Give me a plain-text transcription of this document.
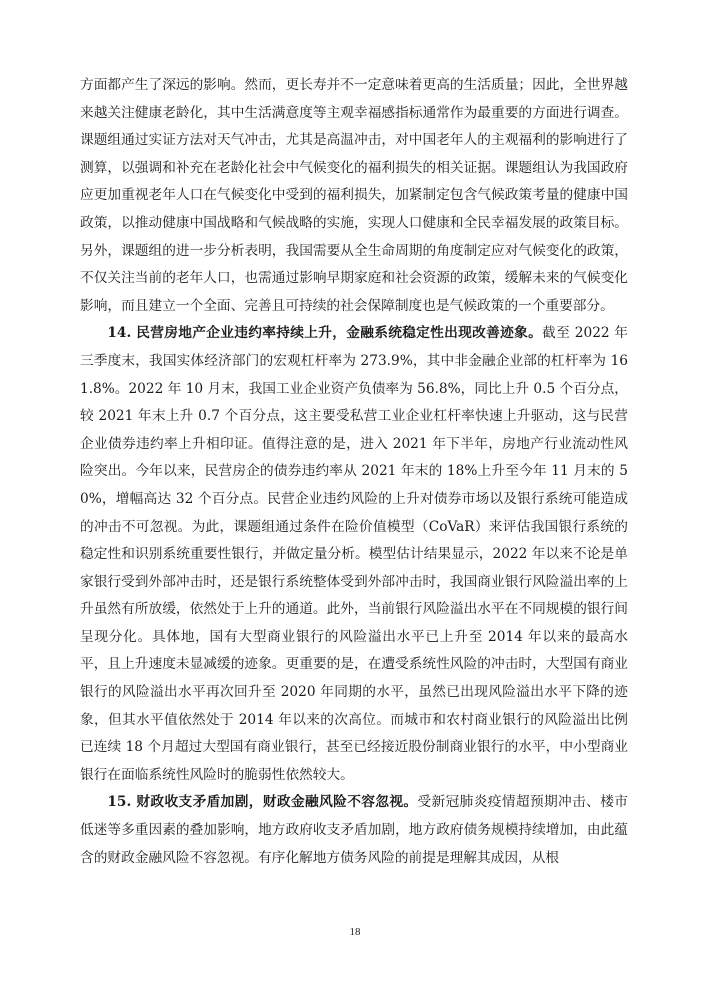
方面都产生了深远的影响。然而，更长寿并不一定意味着更高的生活质量；因此，全世界越来越关注健康老龄化，其中生活满意度等主观幸福感指标通常作为最重要的方面进行调查。课题组通过实证方法对天气冲击，尤其是高温冲击，对中国老年人的主观福利的影响进行了测算，以强调和补充在老龄化社会中气候变化的福利损失的相关证据。课题组认为我国政府应更加重视老年人口在气候变化中受到的福利损失，加紧制定包含气候政策考量的健康中国政策，以推动健康中国战略和气候战略的实施，实现人口健康和全民幸福发展的政策目标。另外，课题组的进一步分析表明，我国需要从全生命周期的角度制定应对气候变化的政策，不仅关注当前的老年人口，也需通过影响早期家庭和社会资源的政策，缓解未来的气候变化影响，而且建立一个全面、完善且可持续的社会保障制度也是气候政策的一个重要部分。

14. 民营房地产企业违约率持续上升，金融系统稳定性出现改善迹象。截至 2022 年三季度末，我国实体经济部门的宏观杠杆率为 273.9%，其中非金融企业部的杠杆率为 161.8%。2022 年 10 月末，我国工业企业资产负债率为 56.8%，同比上升 0.5 个百分点，较 2021 年末上升 0.7 个百分点，这主要受私营工业企业杠杆率快速上升驱动，这与民营企业债券违约率上升相印证。值得注意的是，进入 2021 年下半年，房地产行业流动性风险突出。今年以来，民营房企的债券违约率从 2021 年末的 18%上升至今年 11 月末的 50%，增幅高达 32 个百分点。民营企业违约风险的上升对债券市场以及银行系统可能造成的冲击不可忽视。为此，课题组通过条件在险价值模型（CoVaR）来评估我国银行系统的稳定性和识别系统重要性银行，并做定量分析。模型估计结果显示，2022 年以来不论是单家银行受到外部冲击时，还是银行系统整体受到外部冲击时，我国商业银行风险溢出率的上升虽然有所放缓，依然处于上升的通道。此外，当前银行风险溢出水平在不同规模的银行间呈现分化。具体地，国有大型商业银行的风险溢出水平已上升至 2014 年以来的最高水平，且上升速度未显减缓的迹象。更重要的是，在遭受系统性风险的冲击时，大型国有商业银行的风险溢出水平再次回升至 2020 年同期的水平，虽然已出现风险溢出水平下降的迹象，但其水平值依然处于 2014 年以来的次高位。而城市和农村商业银行的风险溢出比例已连续 18 个月超过大型国有商业银行，甚至已经接近股份制商业银行的水平，中小型商业银行在面临系统性风险时的脆弱性依然较大。

15. 财政收支矛盾加剧，财政金融风险不容忽视。受新冠肺炎疫情超预期冲击、楼市低迷等多重因素的叠加影响，地方政府收支矛盾加剧，地方政府债务规模持续增加，由此蕴含的财政金融风险不容忽视。有序化解地方债务风险的前提是理解其成因，从根

18
